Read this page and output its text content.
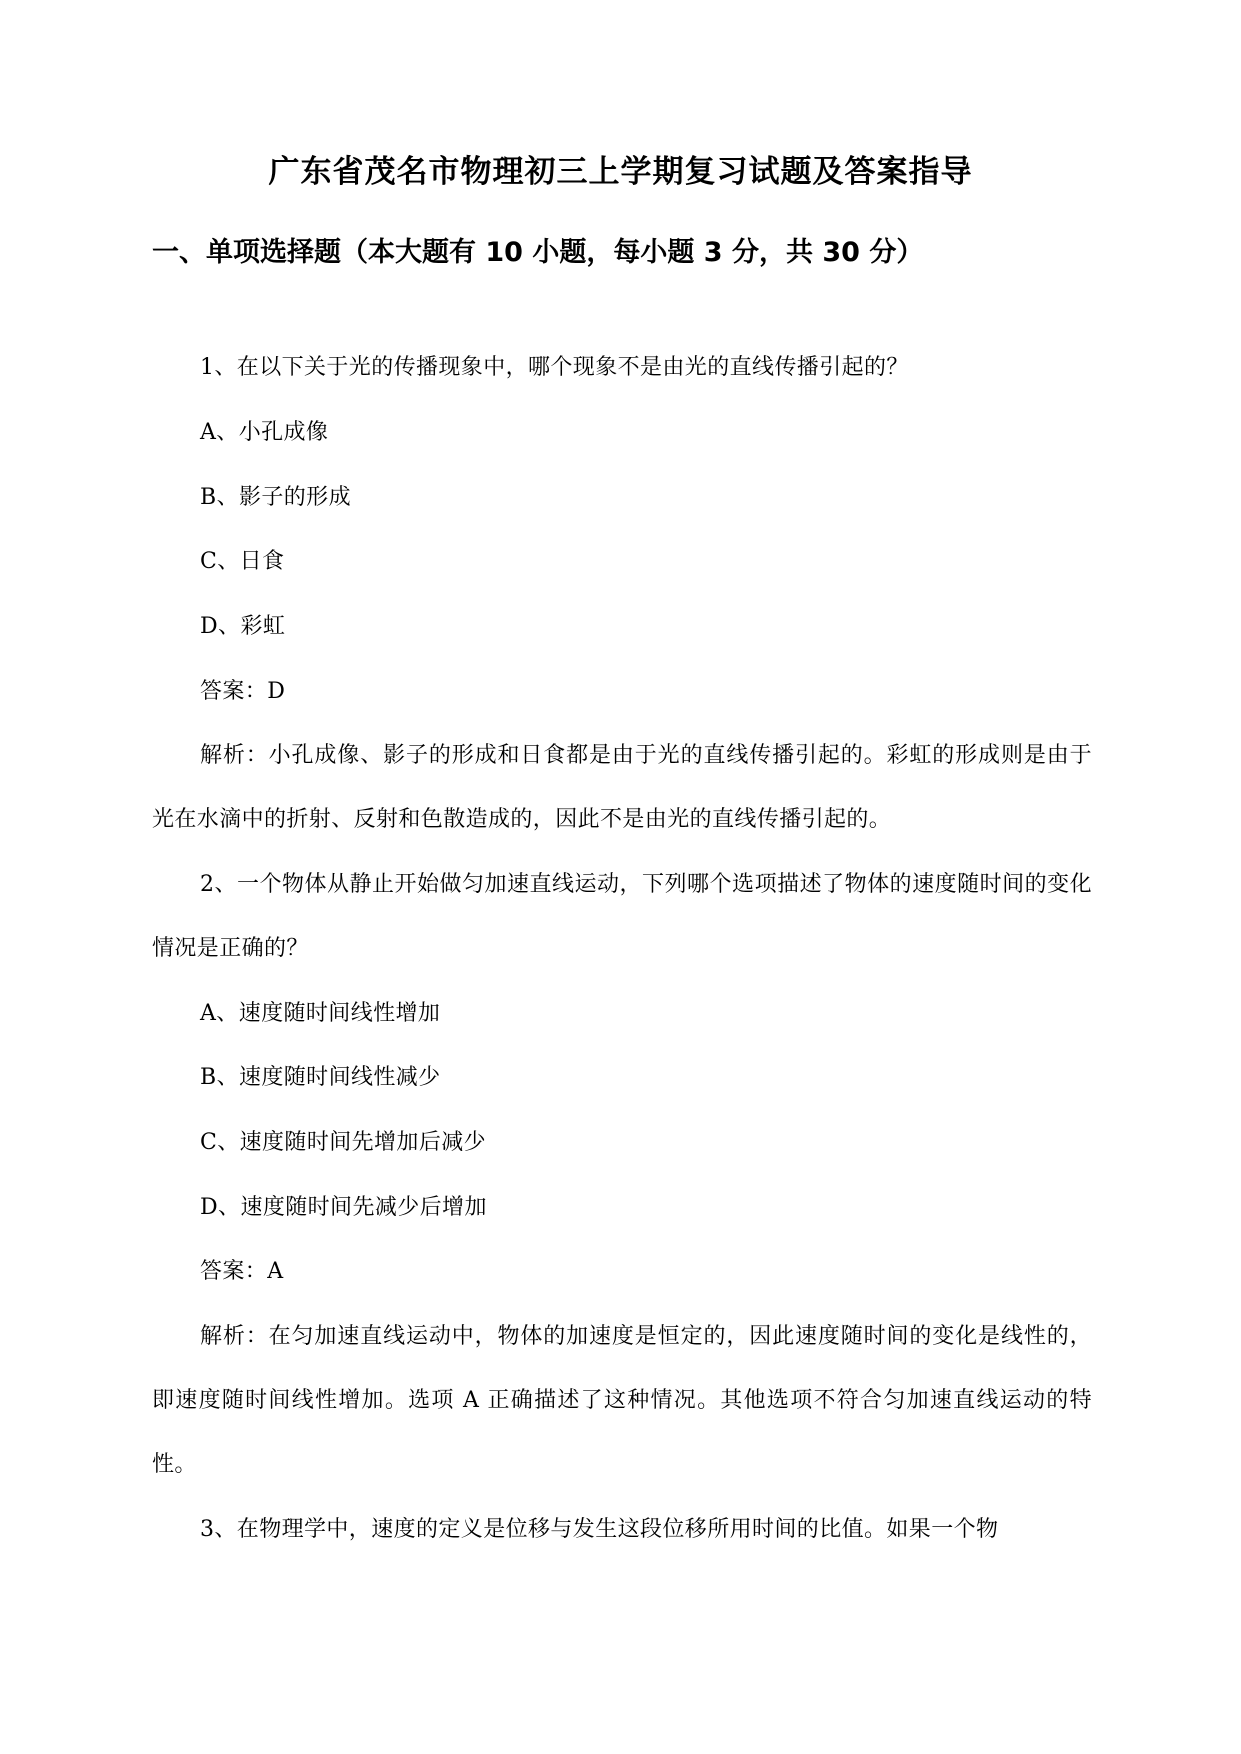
广东省茂名市物理初三上学期复习试题及答案指导
一、单项选择题（本大题有 10 小题，每小题 3 分，共 30 分）

1、在以下关于光的传播现象中，哪个现象不是由光的直线传播引起的？

A、小孔成像

B、影子的形成

C、日食

D、彩虹

答案：D

解析：小孔成像、影子的形成和日食都是由于光的直线传播引起的。彩虹的形成则是由于光在水滴中的折射、反射和色散造成的，因此不是由光的直线传播引起的。

2、一个物体从静止开始做匀加速直线运动，下列哪个选项描述了物体的速度随时间的变化情况是正确的？

A、速度随时间线性增加

B、速度随时间线性减少

C、速度随时间先增加后减少

D、速度随时间先减少后增加

答案：A

解析：在匀加速直线运动中，物体的加速度是恒定的，因此速度随时间的变化是线性的，即速度随时间线性增加。选项 A 正确描述了这种情况。其他选项不符合匀加速直线运动的特性。

3、在物理学中，速度的定义是位移与发生这段位移所用时间的比值。如果一个物
